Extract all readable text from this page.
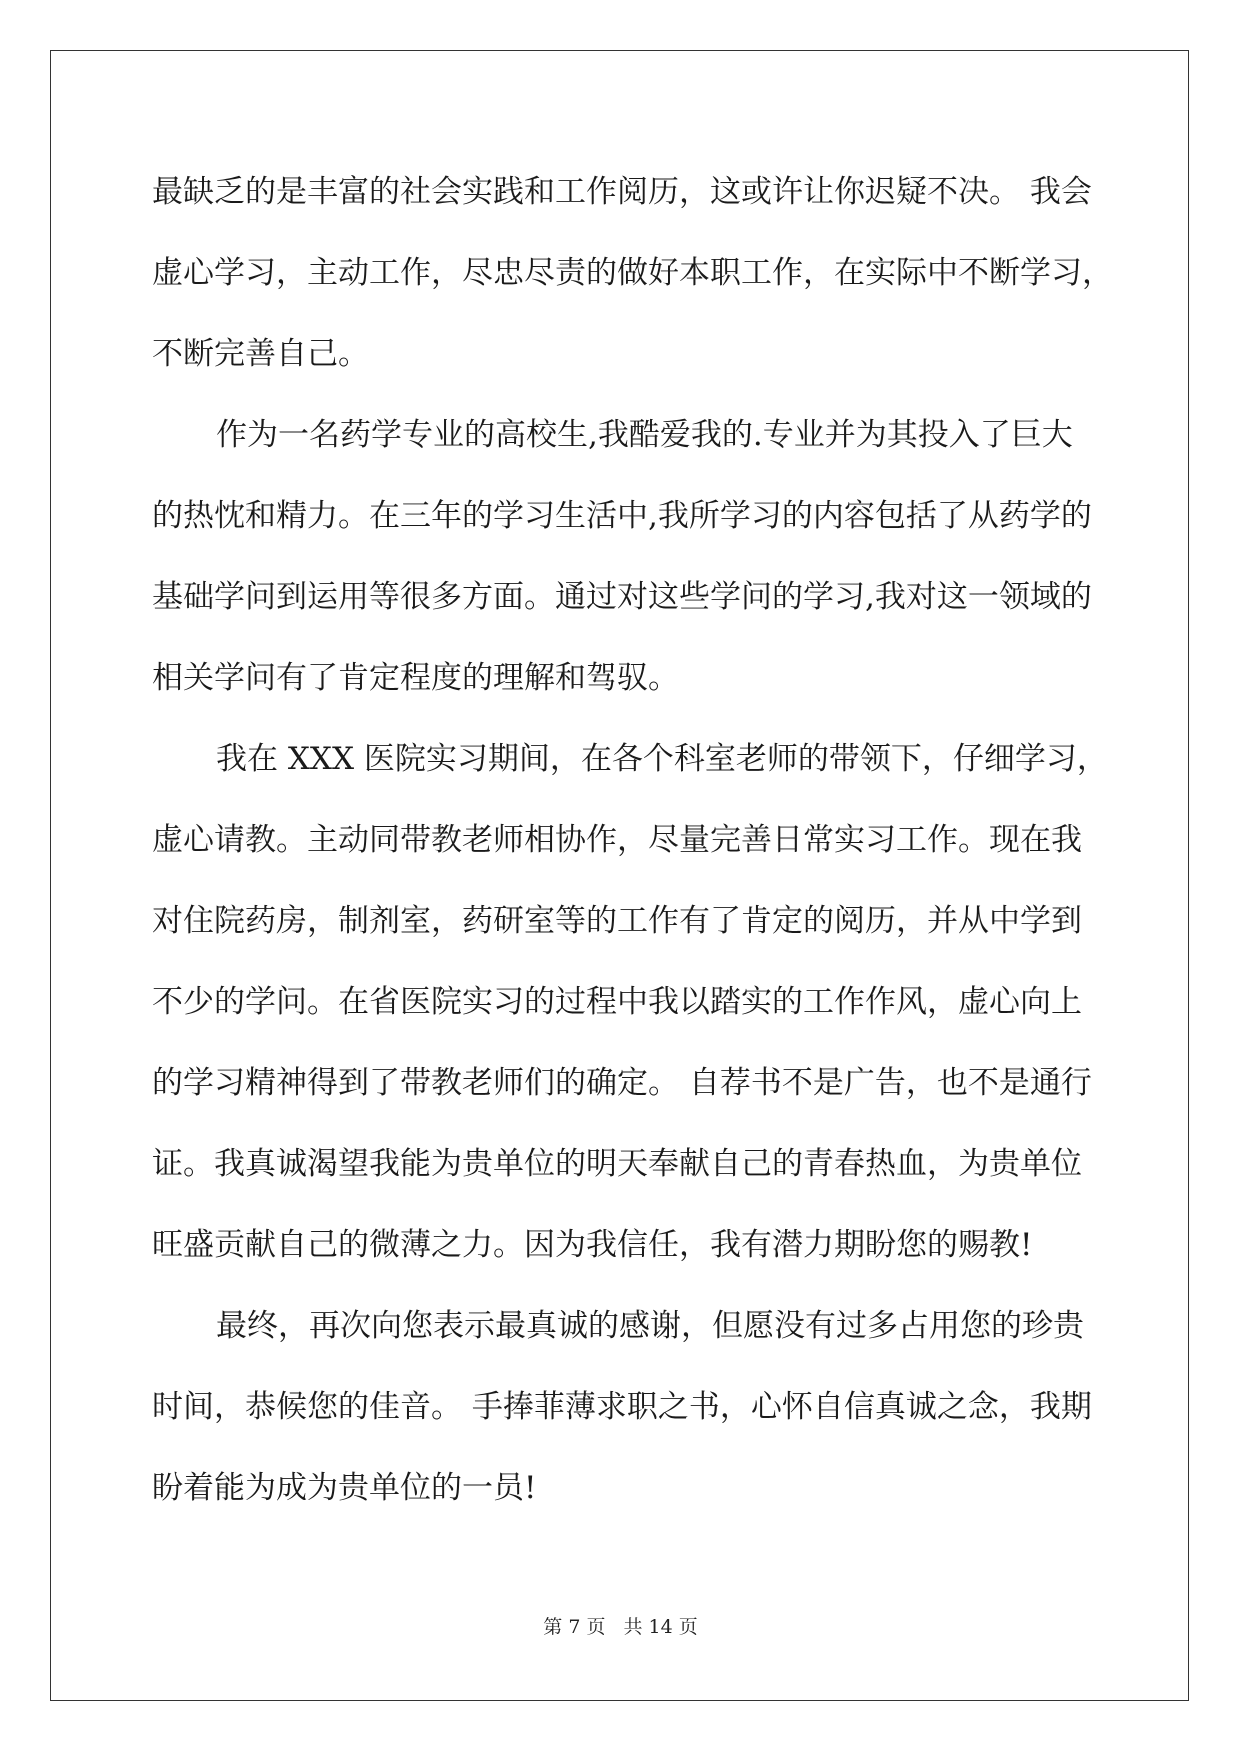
最缺乏的是丰富的社会实践和工作阅历，这或许让你迟疑不决。 我会

虚心学习，主动工作，尽忠尽责的做好本职工作，在实际中不断学习，

不断完善自己。

作为一名药学专业的高校生,我酷爱我的.专业并为其投入了巨大

的热忱和精力。在三年的学习生活中,我所学习的内容包括了从药学的

基础学问到运用等很多方面。通过对这些学问的学习,我对这一领域的

相关学问有了肯定程度的理解和驾驭。

我在 XXX 医院实习期间，在各个科室老师的带领下，仔细学习，

虚心请教。主动同带教老师相协作，尽量完善日常实习工作。现在我

对住院药房，制剂室，药研室等的工作有了肯定的阅历，并从中学到

不少的学问。在省医院实习的过程中我以踏实的工作作风，虚心向上

的学习精神得到了带教老师们的确定。 自荐书不是广告，也不是通行

证。我真诚渴望我能为贵单位的明天奉献自己的青春热血，为贵单位

旺盛贡献自己的微薄之力。因为我信任，我有潜力期盼您的赐教!

最终，再次向您表示最真诚的感谢，但愿没有过多占用您的珍贵

时间，恭候您的佳音。 手捧菲薄求职之书，心怀自信真诚之念，我期

盼着能为成为贵单位的一员!

第 7 页 共 14 页
